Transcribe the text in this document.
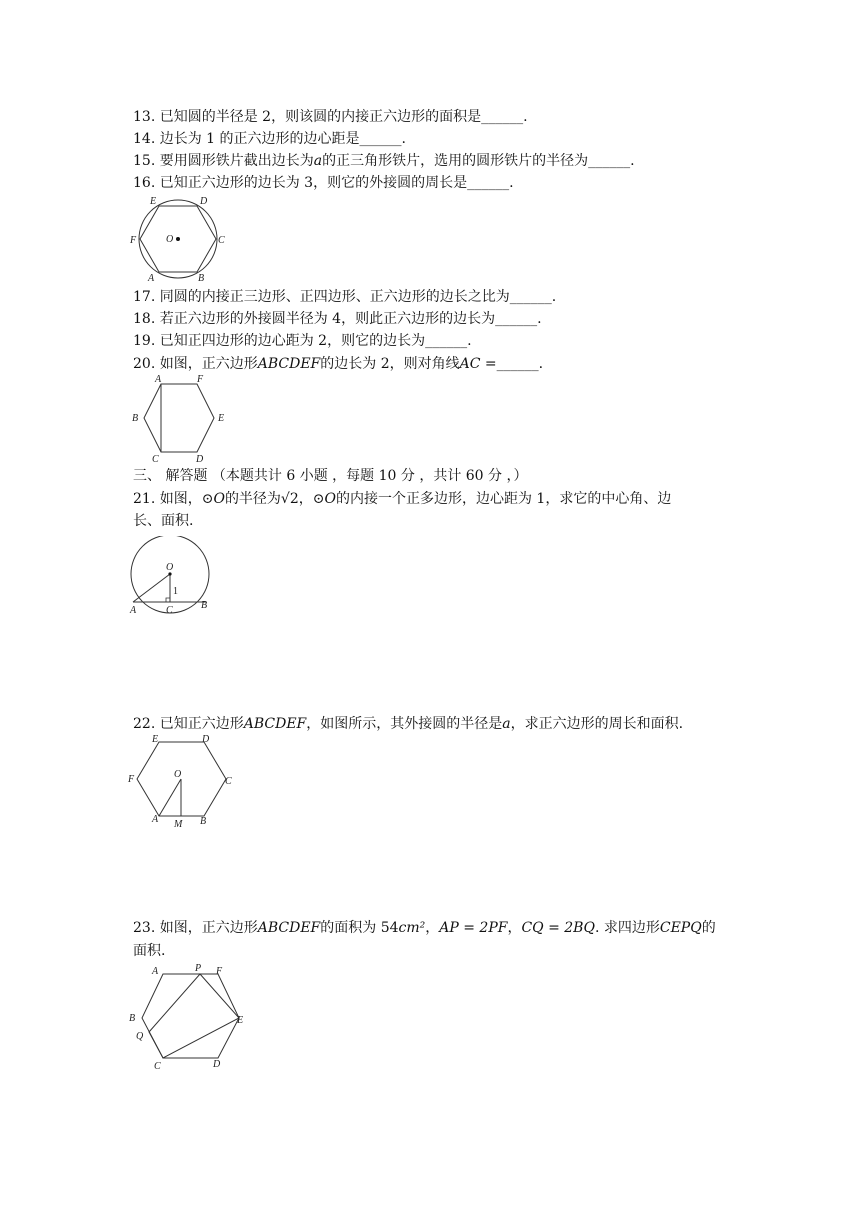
13. 已知圆的半径是 2，则该圆的内接正六边形的面积是______.
14. 边长为 1 的正六边形的边心距是______.
15. 要用圆形铁片截出边长为a的正三角形铁片，选用的圆形铁片的半径为______.
16. 已知正六边形的边长为 3，则它的外接圆的周长是______.
E	D
F	O	C
A	B
17. 同圆的内接正三边形、正四边形、正六边形的边长之比为______.
18. 若正六边形的外接圆半径为 4，则此正六边形的边长为______.
19. 已知正四边形的边心距为 2，则它的边长为______.
20. 如图，正六边形ABCDEF的边长为 2，则对角线AC =______.
A	F
B	E
C	D
三、 解答题 （本题共计 6 小题 ，每题 10 分 ，共计 60 分 ，）
21. 如图，⊙O的半径为√2，⊙O的内接一个正多边形，边心距为 1，求它的中心角、边
长、面积.
O
1
A	C	B
22. 已知正六边形ABCDEF，如图所示，其外接圆的半径是a，求正六边形的周长和面积.
E	D
F	O
C
A M B
23. 如图，正六边形ABCDEF的面积为 54cm²，AP = 2PF，CQ = 2BQ. 求四边形CEPQ的
面积.
A	P F
B
Q
E
C	D
